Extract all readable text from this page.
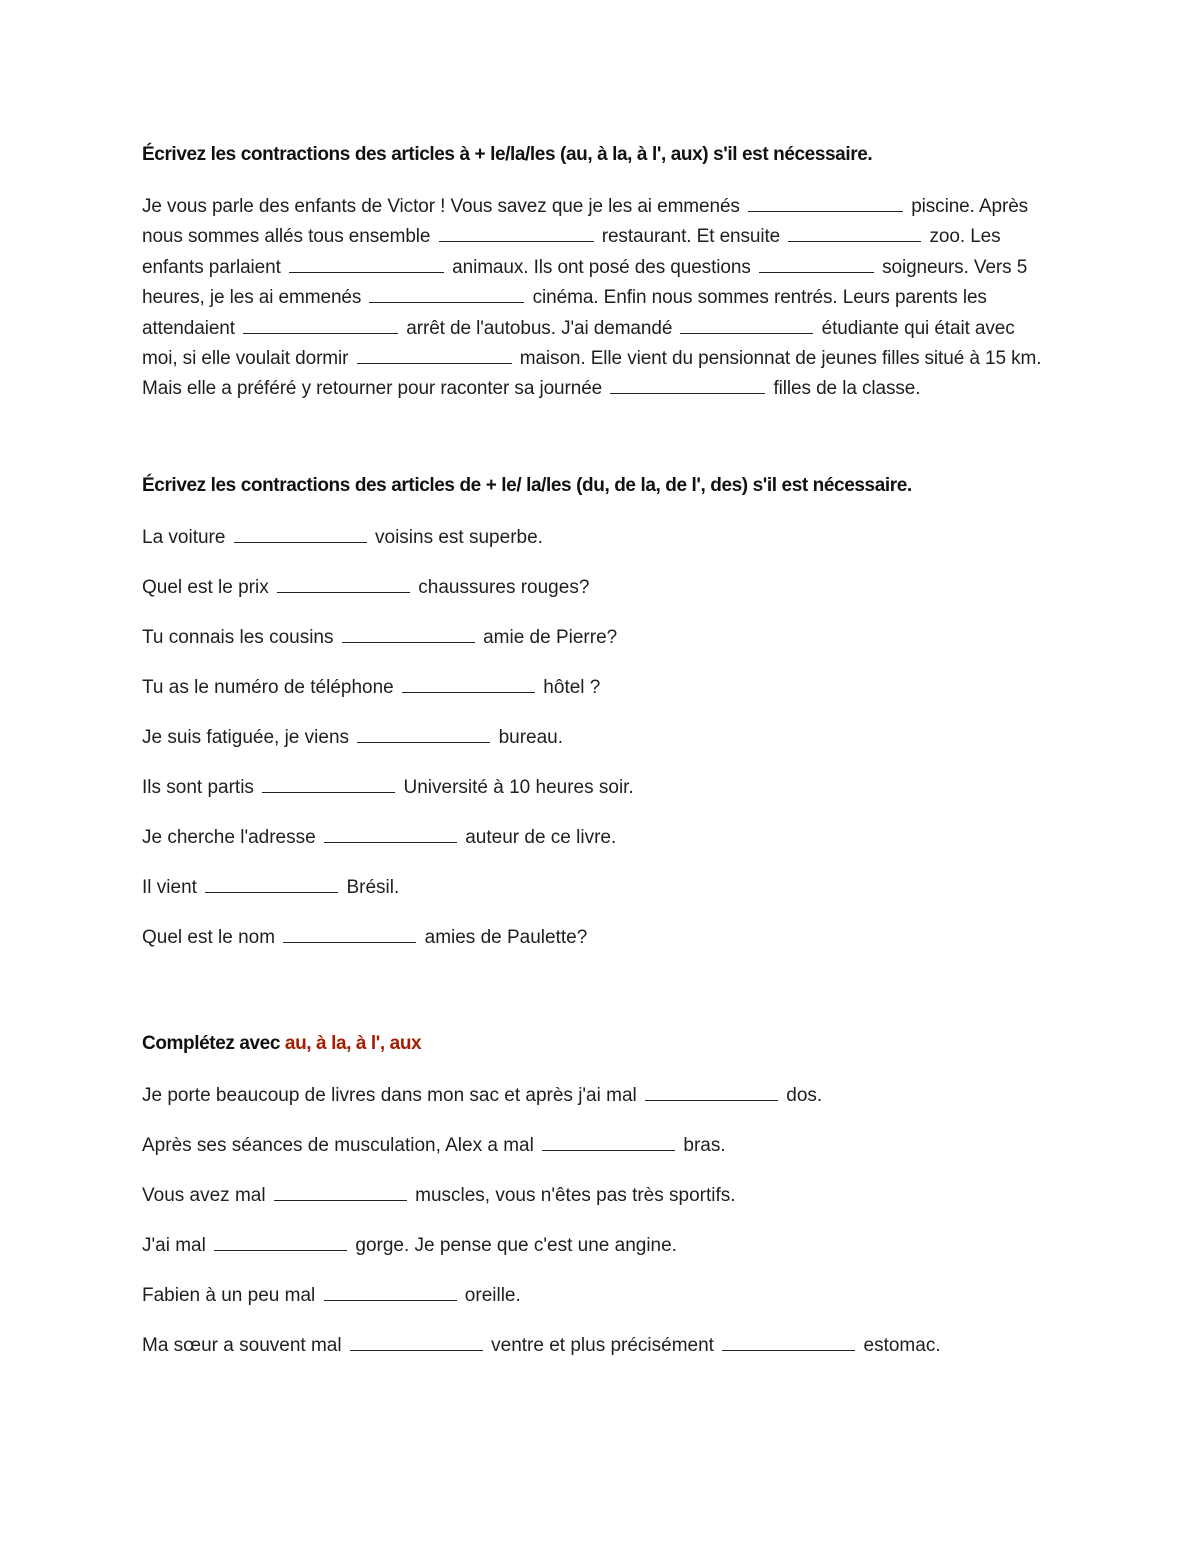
Écrivez les contractions des articles à + le/la/les (au, à la, à l', aux) s'il est nécessaire.

Je vous parle des enfants de Victor ! Vous savez que je les ai emmenés	piscine. Après nous sommes allés tous ensemble	restaurant. Et ensuite	zoo. Les enfants parlaient	animaux. Ils ont posé des questions	soigneurs. Vers 5 heures, je les ai emmenés	cinéma. Enfin nous sommes rentrés. Leurs parents les attendaient	arrêt de l'autobus. J'ai demandé	étudiante qui était avec moi, si elle voulait dormir	maison. Elle vient du pensionnat de jeunes filles situé à 15 km. Mais elle a préféré y retourner pour raconter sa journée	filles de la classe.

Écrivez les contractions des articles de + le/ la/les (du, de la, de l', des) s'il est nécessaire.
La voiture	voisins est superbe.
Quel est le prix	chaussures rouges?
Tu connais les cousins	amie de Pierre?
Tu as le numéro de téléphone	hôtel ?
Je suis fatiguée, je viens	bureau.
Ils sont partis	Université à 10 heures soir.
Je cherche l'adresse	auteur de ce livre.
Il vient	Brésil.
Quel est le nom	amies de Paulette?
Complétez avec au, à la, à l', aux
Je porte beaucoup de livres dans mon sac et après j'ai mal	dos.
Après ses séances de musculation, Alex a mal	bras.
Vous avez mal	muscles, vous n'êtes pas très sportifs.
J'ai mal	gorge. Je pense que c'est une angine.
Fabien à un peu mal	oreille.
Ma sœur a souvent mal	ventre et plus précisément	estomac.
